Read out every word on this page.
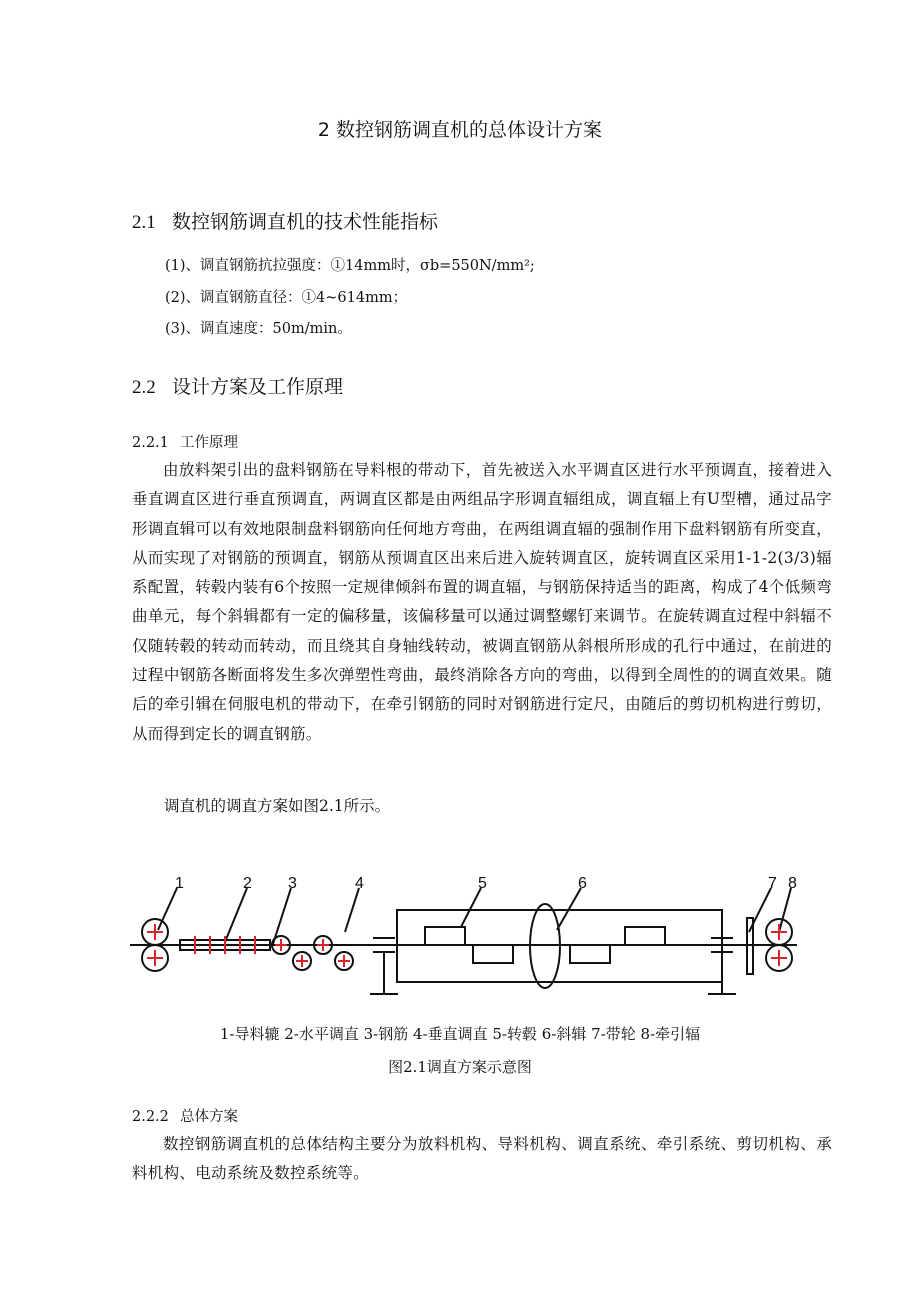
2 数控钢筋调直机的总体设计方案
2.1 数控钢筋调直机的技术性能指标
(1)、调直钢筋抗拉强度：①14mm时，σb=550N/mm²;
(2)、调直钢筋直径：①4~614mm；
(3)、调直速度：50m/min。
2.2 设计方案及工作原理
2.2.1 工作原理
由放料架引出的盘料钢筋在导料根的带动下，首先被送入水平调直区进行水平预调直，接着进入垂直调直区进行垂直预调直，两调直区都是由两组品字形调直辐组成，调直辐上有U型槽，通过品字形调直辑可以有效地限制盘料钢筋向任何地方弯曲，在两组调直辐的强制作用下盘料钢筋有所变直，从而实现了对钢筋的预调直，钢筋从预调直区出来后进入旋转调直区，旋转调直区采用1-1-2(3/3)辐系配置，转毂内装有6个按照一定规律倾斜布置的调直辐，与钢筋保持适当的距离，构成了4个低频弯曲单元，每个斜辑都有一定的偏移量，该偏移量可以通过调整螺钉来调节。在旋转调直过程中斜辐不仅随转毂的转动而转动，而且绕其自身轴线转动，被调直钢筋从斜根所形成的孔行中通过，在前进的过程中钢筋各断面将发生多次弹塑性弯曲，最终消除各方向的弯曲，以得到全周性的的调直效果。随后的牵引辑在伺服电机的带动下，在牵引钢筋的同时对钢筋进行定尺，由随后的剪切机构进行剪切，从而得到定长的调直钢筋。
调直机的调直方案如图2.1所示。
1	2 3	4	5	6	7 8
1-导料辘 2-水平调直 3-钢筋 4-垂直调直 5-转毂 6-斜辑 7-带轮 8-牵引辐
图2.1调直方案示意图
2.2.2 总体方案
数控钢筋调直机的总体结构主要分为放料机构、导料机构、调直系统、牵引系统、剪切机构、承料机构、电动系统及数控系统等。
